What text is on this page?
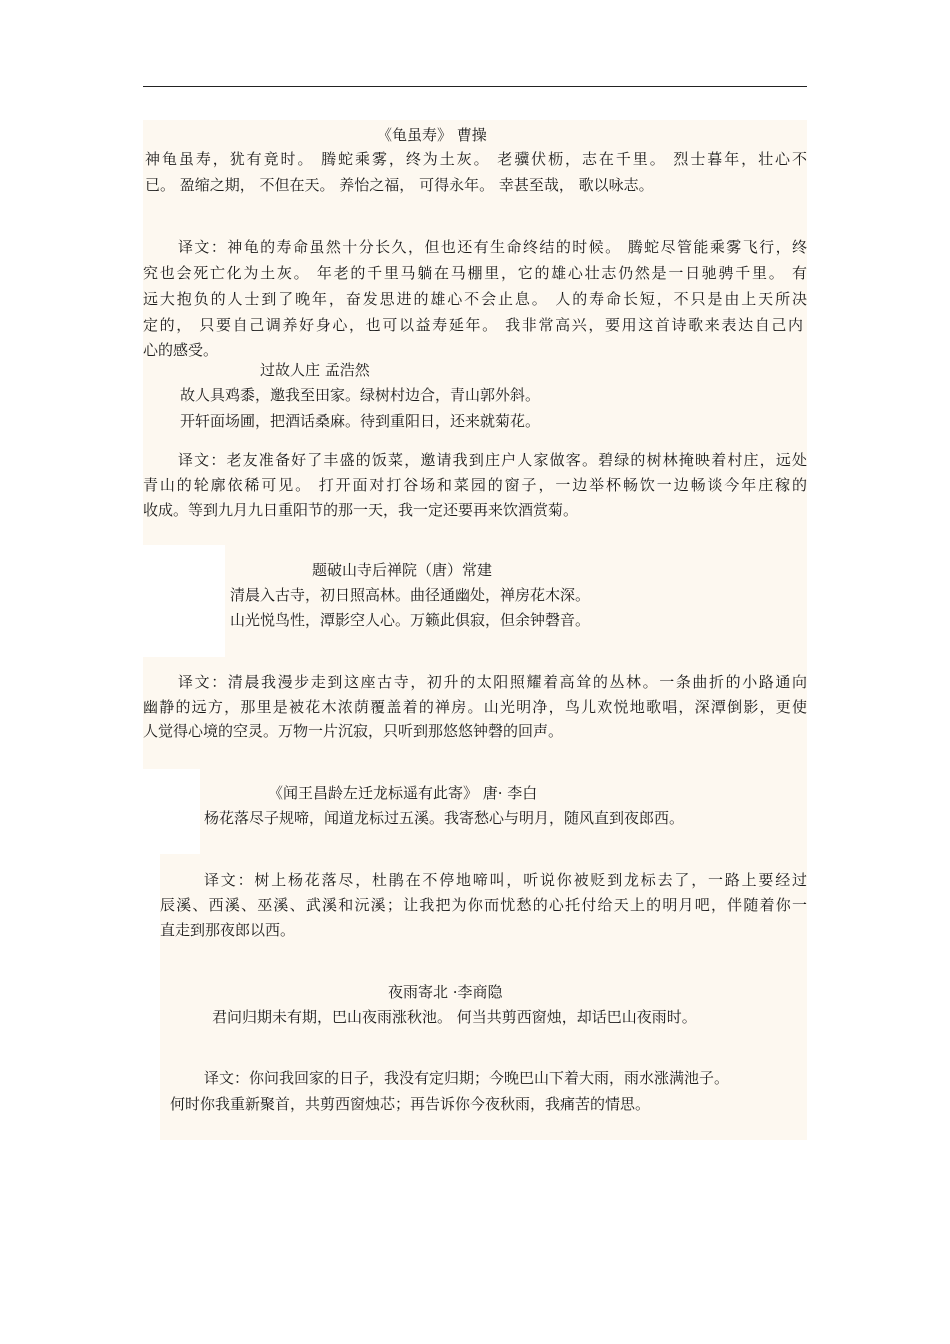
《龟虽寿》 曹操
神龟虽寿，犹有竟时。 腾蛇乘雾，终为土灰。 老骥伏枥，志在千里。 烈士暮年，壮心不
已。 盈缩之期， 不但在天。 养怡之福， 可得永年。 幸甚至哉， 歌以咏志。
译文：神龟的寿命虽然十分长久，但也还有生命终结的时候。 腾蛇尽管能乘雾飞行，终
究也会死亡化为土灰。 年老的千里马躺在马棚里，它的雄心壮志仍然是一日驰骋千里。 有
远大抱负的人士到了晚年，奋发思进的雄心不会止息。 人的寿命长短，不只是由上天所决
定的， 只要自己调养好身心，也可以益寿延年。 我非常高兴，要用这首诗歌来表达自己内
心的感受。
过故人庄 孟浩然
故人具鸡黍，邀我至田家。绿树村边合，青山郭外斜。
开轩面场圃，把酒话桑麻。待到重阳日，还来就菊花。
译文：老友准备好了丰盛的饭菜，邀请我到庄户人家做客。碧绿的树林掩映着村庄，远处
青山的轮廓依稀可见。 打开面对打谷场和菜园的窗子，一边举杯畅饮一边畅谈今年庄稼的
收成。等到九月九日重阳节的那一天，我一定还要再来饮酒赏菊。
题破山寺后禅院（唐）常建
清晨入古寺，初日照高林。曲径通幽处，禅房花木深。
山光悦鸟性，潭影空人心。万籁此俱寂，但余钟磬音。
译文：清晨我漫步走到这座古寺，初升的太阳照耀着高耸的丛林。一条曲折的小路通向
幽静的远方，那里是被花木浓荫覆盖着的禅房。山光明净，鸟儿欢悦地歌唱，深潭倒影，更使
人觉得心境的空灵。万物一片沉寂，只听到那悠悠钟磬的回声。
《闻王昌龄左迁龙标遥有此寄》 唐· 李白
杨花落尽子规啼，闻道龙标过五溪。我寄愁心与明月，随风直到夜郎西。
译文：树上杨花落尽，杜鹃在不停地啼叫，听说你被贬到龙标去了，一路上要经过
辰溪、西溪、巫溪、武溪和沅溪；让我把为你而忧愁的心托付给天上的明月吧，伴随着你一
直走到那夜郎以西。
夜雨寄北 ·李商隐
君问归期未有期，巴山夜雨涨秋池。 何当共剪西窗烛，却话巴山夜雨时。
译文：你问我回家的日子，我没有定归期；今晚巴山下着大雨，雨水涨满池子。
何时你我重新聚首，共剪西窗烛芯；再告诉你今夜秋雨，我痛苦的情思。
